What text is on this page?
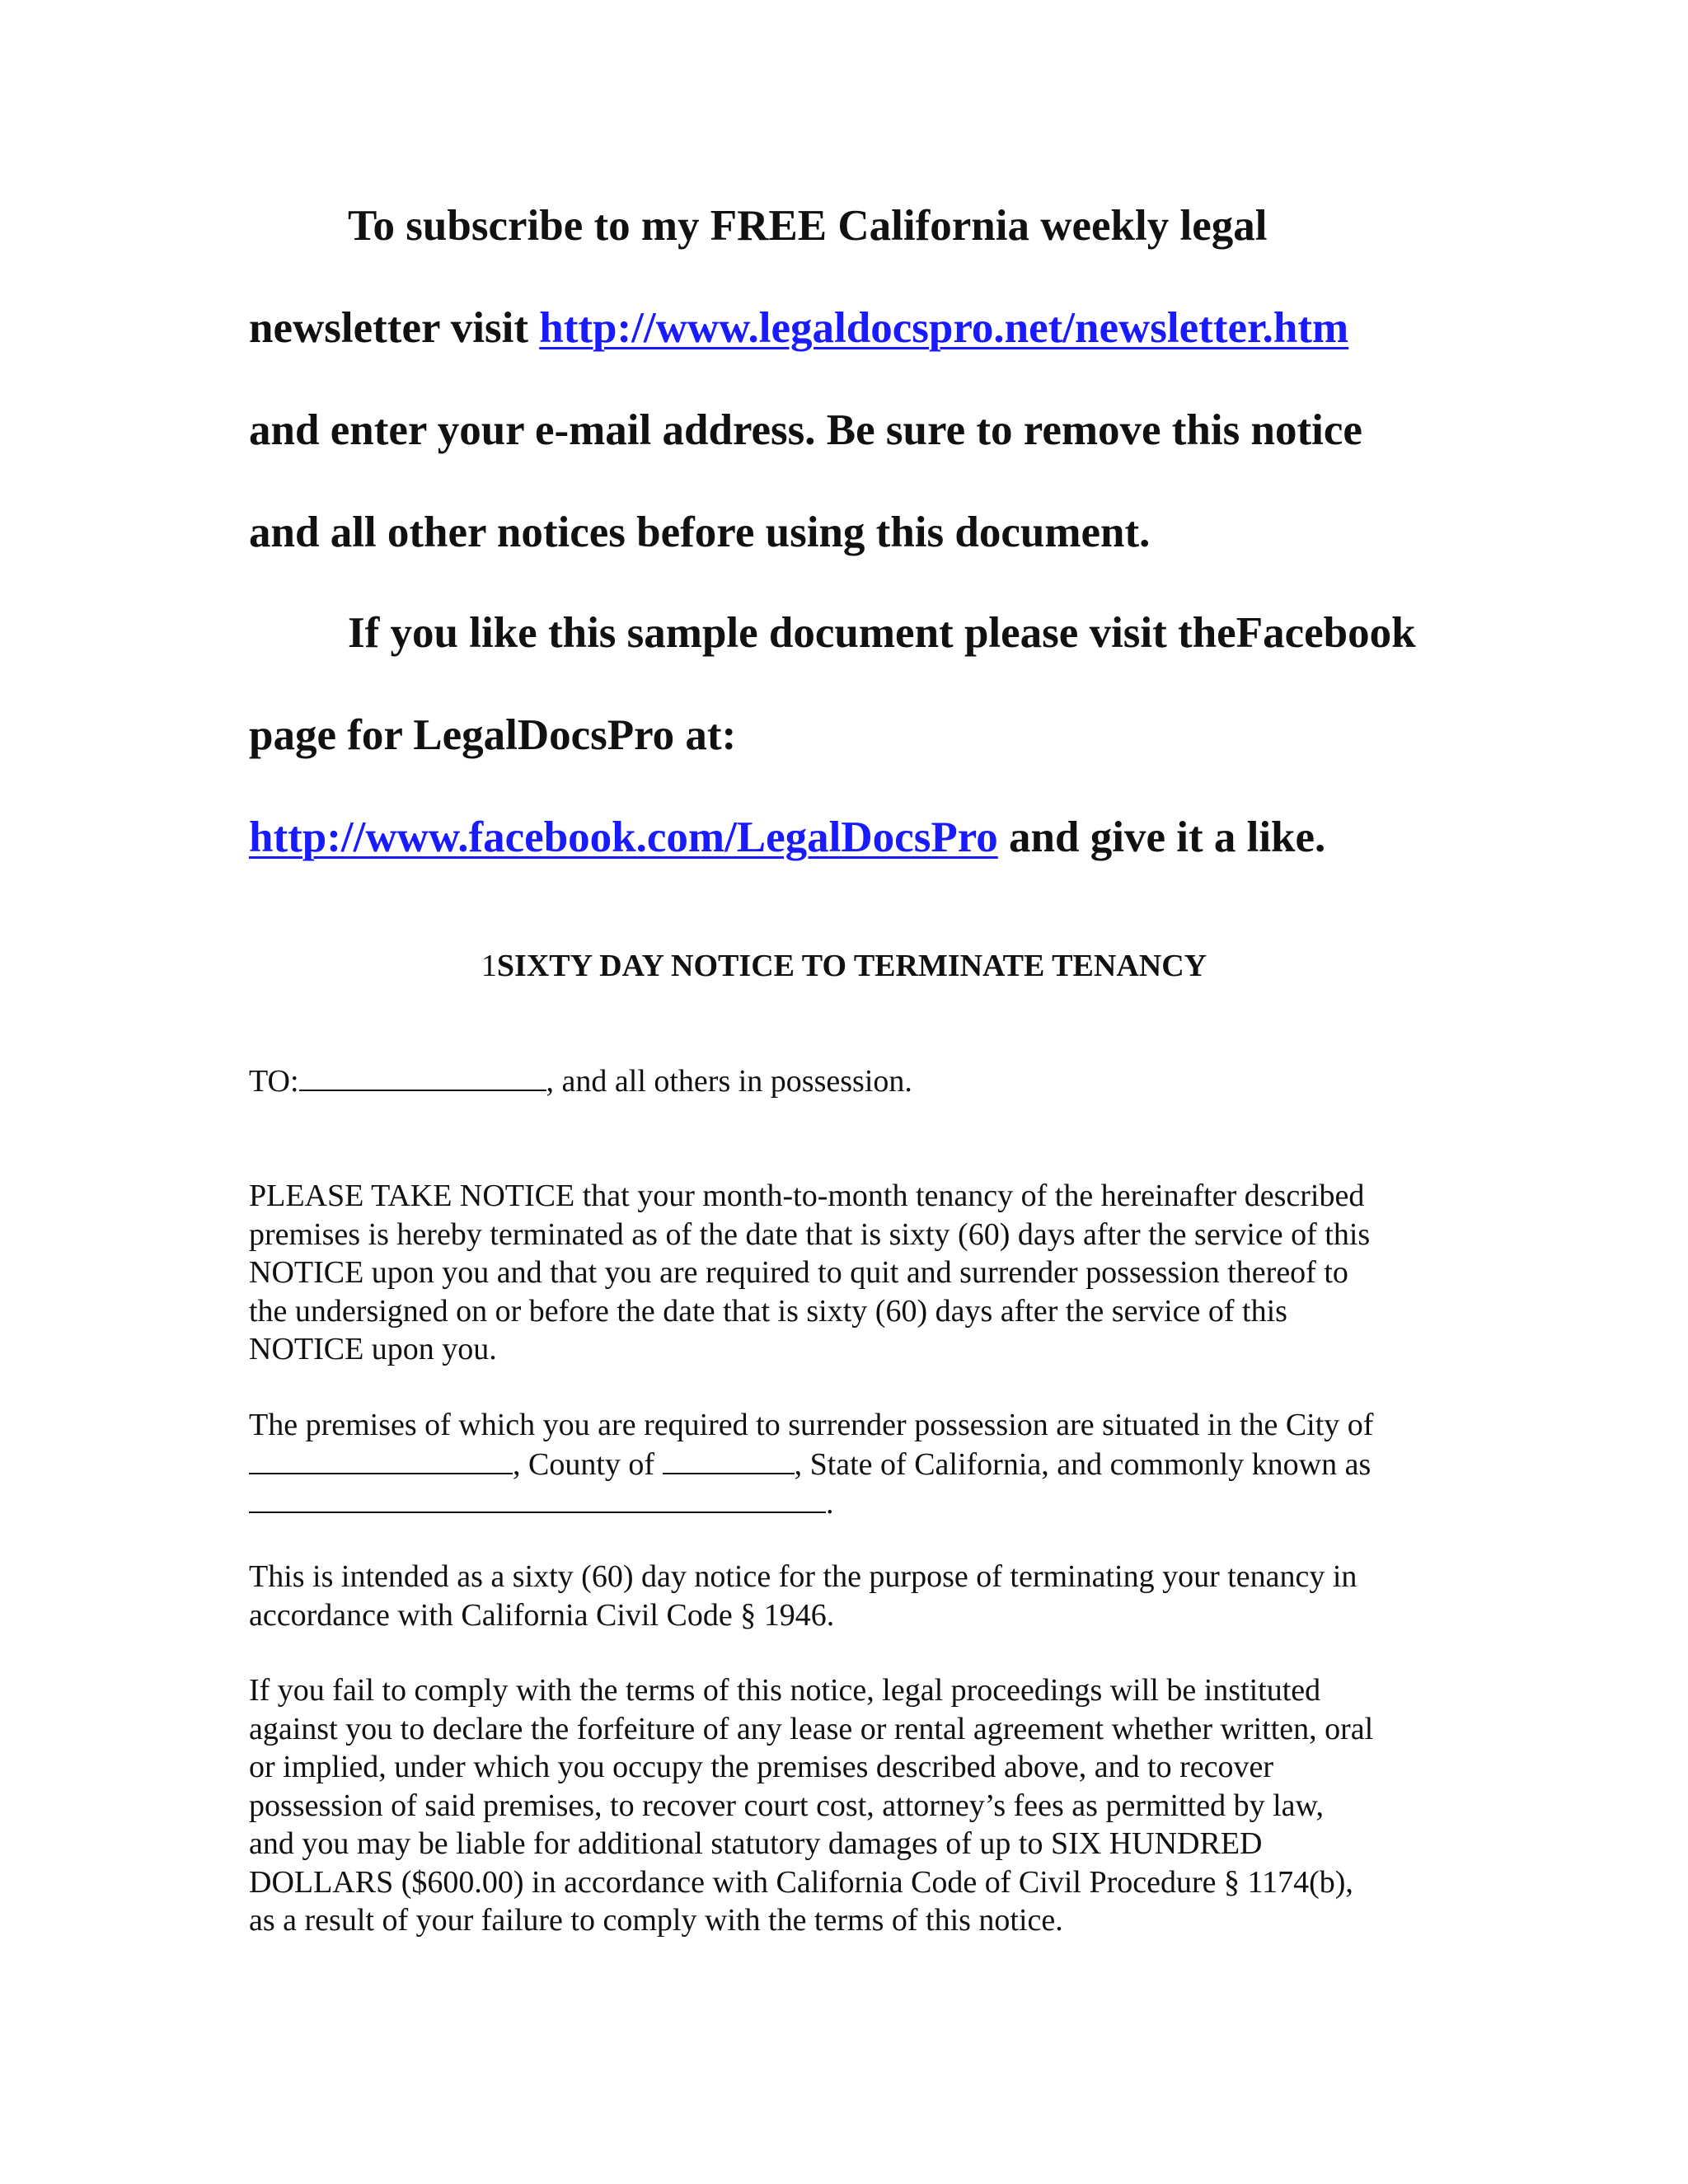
To subscribe to my FREE California weekly legal

newsletter visit http://www.legaldocspro.net/newsletter.htm

and enter your e-mail address. Be sure to remove this notice

and all other notices before using this document.

If you like this sample document please visit theFacebook

page for LegalDocsPro at:

http://www.facebook.com/LegalDocsPro and give it a like.

1SIXTY DAY NOTICE TO TERMINATE TENANCY

TO:	, and all others in possession.

PLEASE TAKE NOTICE that your month-to-month tenancy of the hereinafter described

premises is hereby terminated as of the date that is sixty (60) days after the service of this

NOTICE upon you and that you are required to quit and surrender possession thereof to

the undersigned on or before the date that is sixty (60) days after the service of this

NOTICE upon you.

The premises of which you are required to surrender possession are situated in the City of

, County of	, State of California, and commonly known as

.

This is intended as a sixty (60) day notice for the purpose of terminating your tenancy in

accordance with California Civil Code § 1946.

If you fail to comply with the terms of this notice, legal proceedings will be instituted

against you to declare the forfeiture of any lease or rental agreement whether written, oral

or implied, under which you occupy the premises described above, and to recover

possession of said premises, to recover court cost, attorney’s fees as permitted by law,

and you may be liable for additional statutory damages of up to SIX HUNDRED

DOLLARS ($600.00) in accordance with California Code of Civil Procedure § 1174(b),

as a result of your failure to comply with the terms of this notice.
